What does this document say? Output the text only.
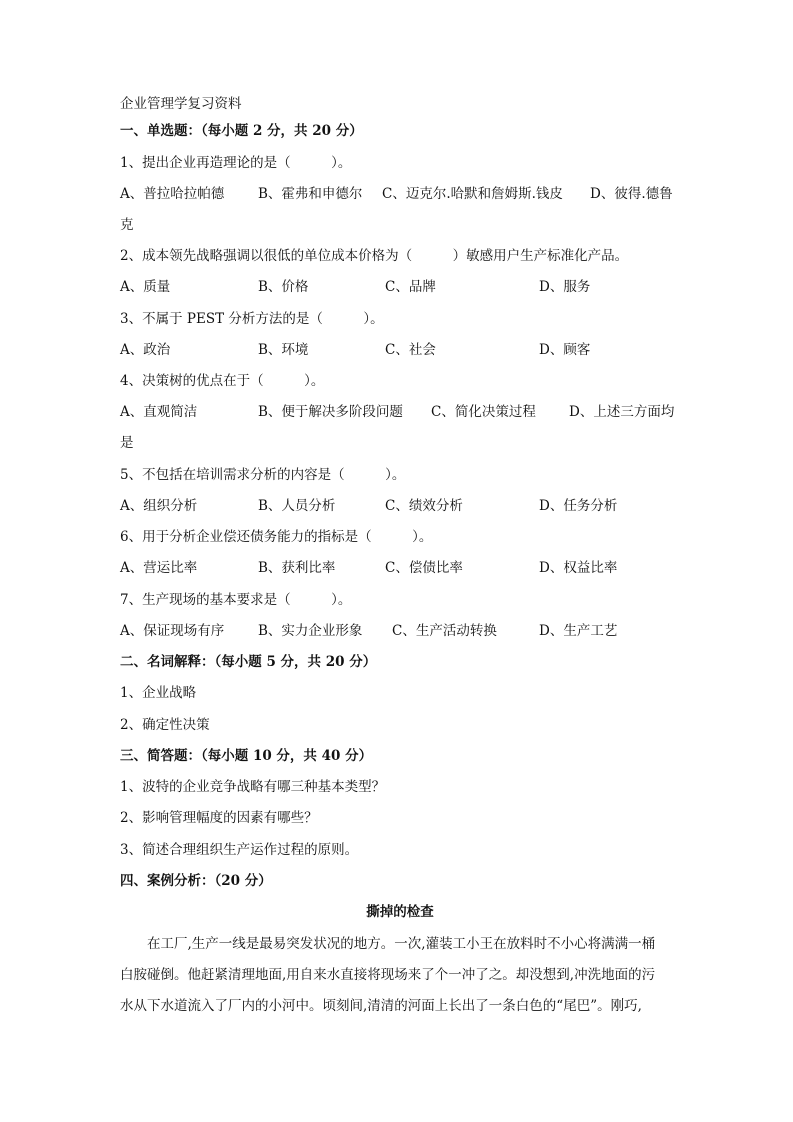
企业管理学复习资料
一、单选题：（每小题 2 分，共 20 分）
1、提出企业再造理论的是（　　　）。
A、普拉哈拉帕德	B、霍弗和申德尔 C、迈克尔.哈默和詹姆斯.钱皮 D、彼得.德鲁
克
2、成本领先战略强调以很低的单位成本价格为（　　　）敏感用户生产标准化产品。
A、质量	B、价格	C、品牌	D、服务
3、不属于 PEST 分析方法的是（　　　）。
A、政治	B、环境	C、社会	D、顾客
4、决策树的优点在于（　　　）。
A、直观简洁	B、便于解决多阶段问题 C、简化决策过程 D、上述三方面均
是
5、不包括在培训需求分析的内容是（　　　）。
A、组织分析	B、人员分析	C、绩效分析	D、任务分析
6、用于分析企业偿还债务能力的指标是（　　　）。
A、营运比率	B、获利比率	C、偿债比率	D、权益比率
7、生产现场的基本要求是（　　　）。
A、保证现场有序	B、实力企业形象 C、生产活动转换	D、生产工艺
二、名词解释：（每小题 5 分，共 20 分）
1、企业战略
2、确定性决策
三、简答题：（每小题 10 分，共 40 分）
1、波特的企业竞争战略有哪三种基本类型？
2、影响管理幅度的因素有哪些？
3、简述合理组织生产运作过程的原则。
四、案例分析：（20 分）
撕掉的检查
　　在工厂,生产一线是最易突发状况的地方。一次,灌装工小王在放料时不小心将满满一桶
白胺碰倒。他赶紧清理地面,用自来水直接将现场来了个一冲了之。却没想到,冲洗地面的污
水从下水道流入了厂内的小河中。顷刻间,清清的河面上长出了一条白色的“尾巴”。刚巧,
